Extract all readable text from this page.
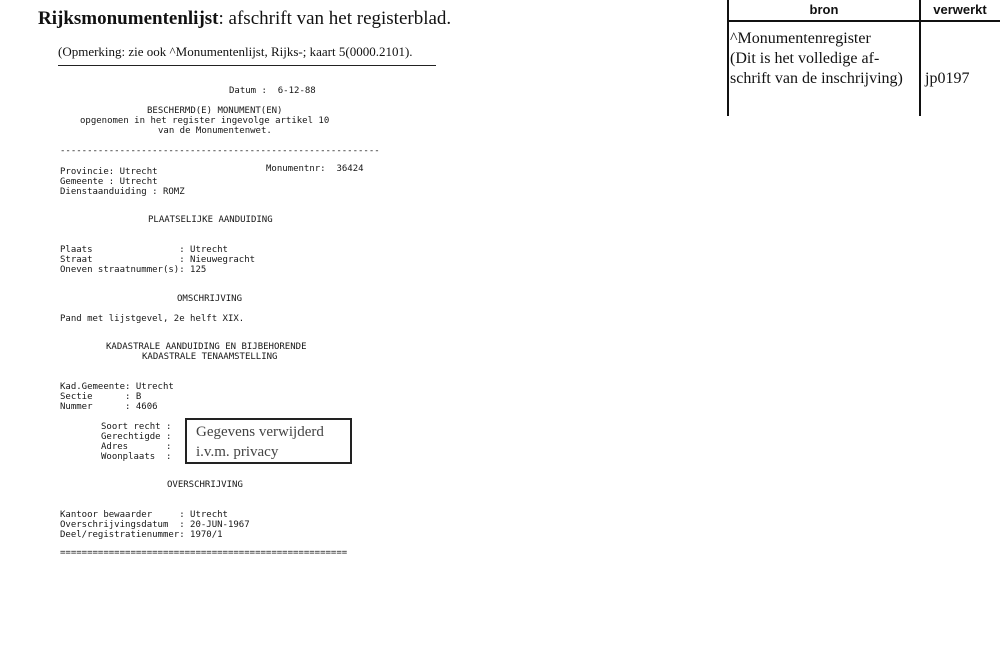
Rijksmonumentenlijst: afschrift van het registerblad.
(Opmerking: zie ook ^Monumentenlijst, Rijks-; kaart 5(0000.2101).
Datum :  6-12-88
BESCHERMD(E) MONUMENT(EN)
opgenomen in het register ingevolge artikel 10
van de Monumentenwet.
-----------------------------------------------------------
Provincie: Utrecht	Monumentnr:  36424
Gemeente : Utrecht
Dienstaanduiding : ROMZ
PLAATSELIJKE AANDUIDING
Plaats                : Utrecht
Straat                : Nieuwegracht
Oneven straatnummer(s): 125
OMSCHRIJVING
Pand met lijstgevel, 2e helft XIX.
KADASTRALE AANDUIDING EN BIJBEHORENDE
KADASTRALE TENAAMSTELLING
Kad.Gemeente: Utrecht
Sectie      : B
Nummer      : 4606
Soort recht :
Gerechtigde :
Adres       :
Woonplaats  :
Gegevens verwijderd
i.v.m. privacy
OVERSCHRIJVING
Kantoor bewaarder     : Utrecht
Overschrijvingsdatum  : 20-JUN-1967
Deel/registratienummer: 1970/1
=====================================================
bron	verwerkt
^Monumentenregister
(Dit is het volledige af-
schrift van de inschrijving) jp0197
